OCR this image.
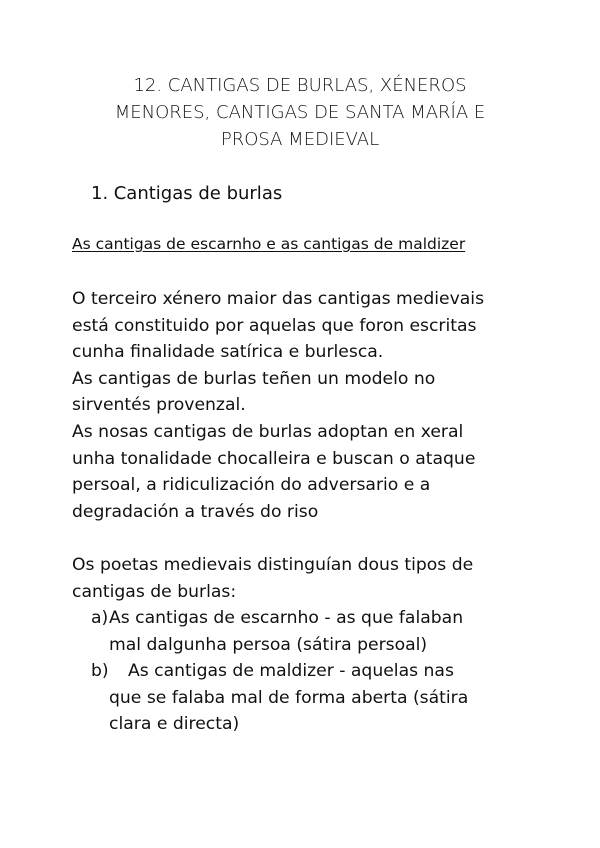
12. CANTIGAS DE BURLAS, XÉNEROS
MENORES, CANTIGAS DE SANTA MARÍA E
PROSA MEDIEVAL
1. Cantigas de burlas
As cantigas de escarnho e as cantigas de maldizer
O terceiro xénero maior das cantigas medievais
está constituido por aquelas que foron escritas
cunha finalidade satírica e burlesca.
As cantigas de burlas teñen un modelo no
sirventés provenzal.
As nosas cantigas de burlas adoptan en xeral
unha tonalidade chocalleira e buscan o ataque
persoal, a ridiculización do adversario e a
degradación a través do riso
Os poetas medievais distinguían dous tipos de
cantigas de burlas:
a) As cantigas de escarnho - as que falaban
mal dalgunha persoa (sátira persoal)
b)	As cantigas de maldizer - aquelas nas
que se falaba mal de forma aberta (sátira
clara e directa)
